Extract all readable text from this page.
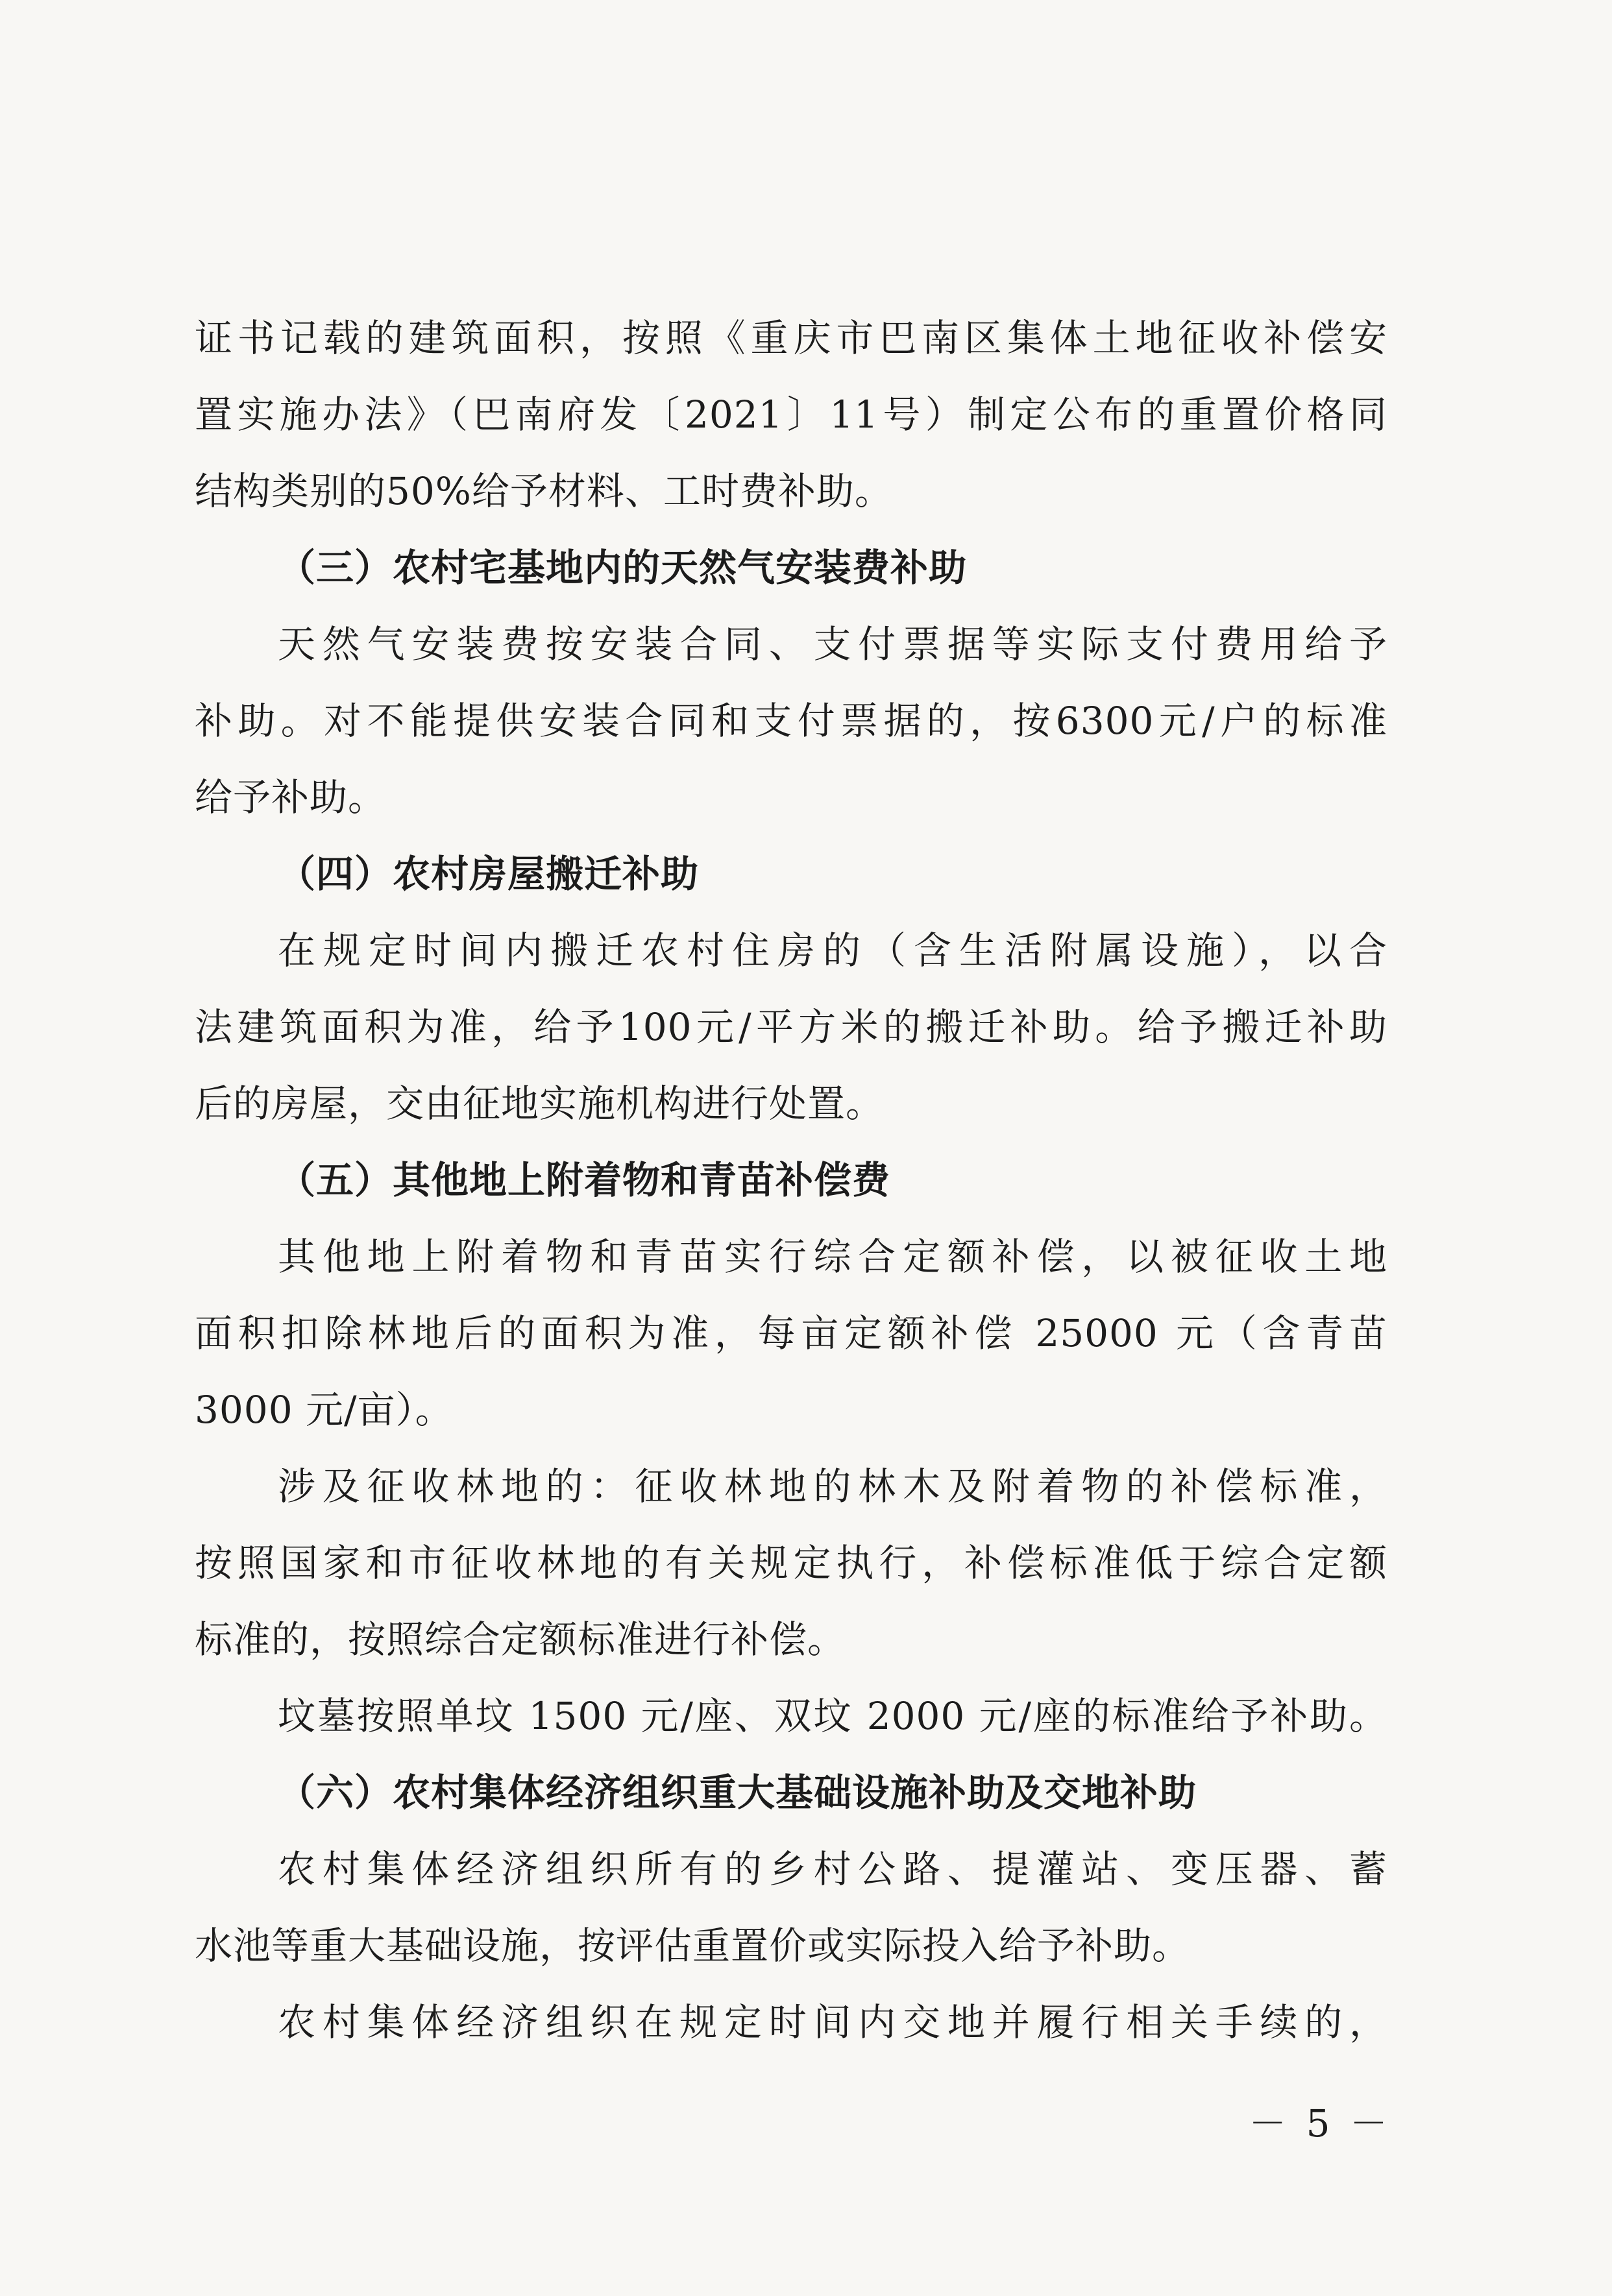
证书记载的建筑面积，按照《重庆市巴南区集体土地征收补偿安
置实施办法》（巴南府发〔2021〕11号）制定公布的重置价格同
结构类别的50%给予材料、工时费补助。
（三）农村宅基地内的天然气安装费补助
天然气安装费按安装合同、支付票据等实际支付费用给予
补助。对不能提供安装合同和支付票据的，按6300元/户的标准
给予补助。
（四）农村房屋搬迁补助
在规定时间内搬迁农村住房的（含生活附属设施），以合
法建筑面积为准，给予100元/平方米的搬迁补助。给予搬迁补助
后的房屋，交由征地实施机构进行处置。
（五）其他地上附着物和青苗补偿费
其他地上附着物和青苗实行综合定额补偿，以被征收土地
面积扣除林地后的面积为准，每亩定额补偿 25000 元（含青苗
3000 元/亩）。
涉及征收林地的：征收林地的林木及附着物的补偿标准，
按照国家和市征收林地的有关规定执行，补偿标准低于综合定额
标准的，按照综合定额标准进行补偿。
坟墓按照单坟 1500 元/座、双坟 2000 元/座的标准给予补助。
（六）农村集体经济组织重大基础设施补助及交地补助
农村集体经济组织所有的乡村公路、提灌站、变压器、蓄
水池等重大基础设施，按评估重置价或实际投入给予补助。
农村集体经济组织在规定时间内交地并履行相关手续的，
－ 5 －
